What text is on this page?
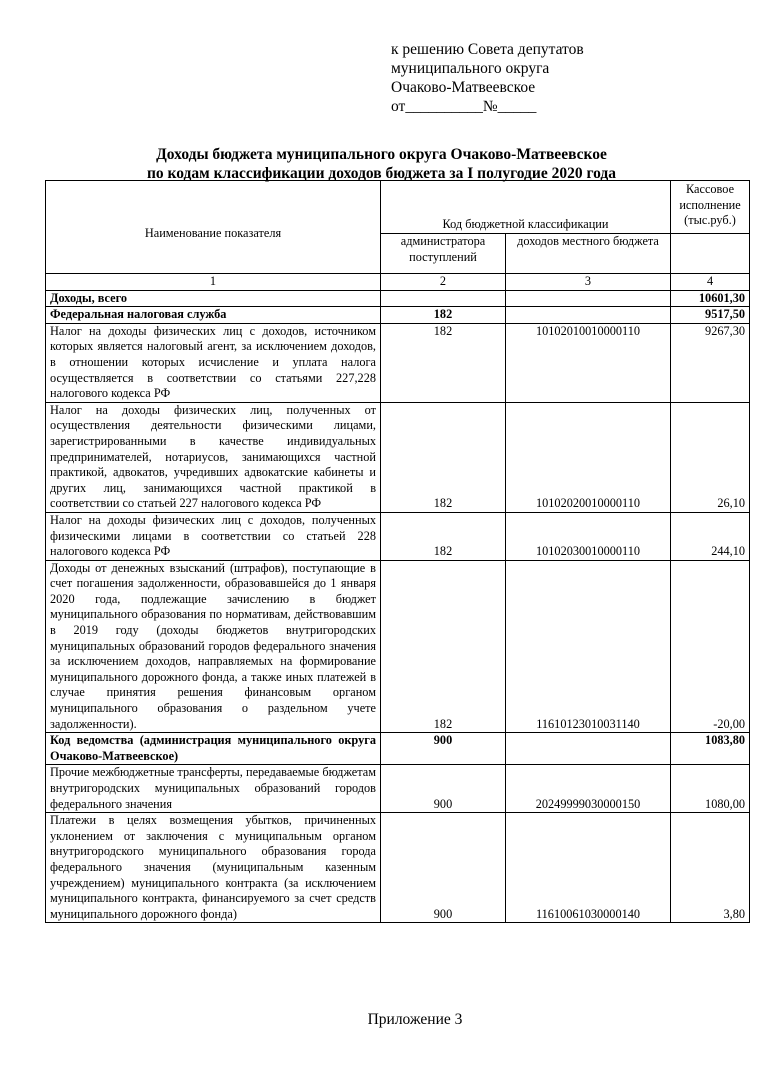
к решению Совета депутатов
муниципального округа
Очаково-Матвеевское
от__________№_____
Доходы бюджета муниципального округа Очаково-Матвеевское
по кодам классификации доходов бюджета за I полугодие 2020 года
Наименование показателя	Код бюджетной классификации		Кассовое исполнение (тыс.руб.)
	администратора поступлений	доходов местного бюджета	
1	2	3	4
Доходы, всего			10601,30
Федеральная налоговая служба	182		9517,50
Налог на доходы физических лиц с доходов, источником которых является налоговый агент, за исключением доходов, в отношении которых исчисление и уплата налога осуществляется в соответствии со статьями 227,228 налогового кодекса РФ	182	10102010010000110	9267,30
Налог на доходы физических лиц, полученных от осуществления деятельности физическими лицами, зарегистрированными в качестве индивидуальных предпринимателей, нотариусов, занимающихся частной практикой, адвокатов, учредивших адвокатские кабинеты и других лиц, занимающихся частной практикой в соответствии со статьей 227 налогового кодекса РФ	182	10102020010000110	26,10
Налог на доходы физических лиц с доходов, полученных физическими лицами в соответствии со статьей 228 налогового кодекса РФ	182	10102030010000110	244,10
Доходы от денежных взысканий (штрафов), поступающие в счет погашения задолженности, образовавшейся до 1 января 2020 года, подлежащие зачислению в бюджет муниципального образования по нормативам, действовавшим в 2019 году (доходы бюджетов внутригородских муниципальных образований городов федерального значения за исключением доходов, направляемых на формирование муниципального дорожного фонда, а также иных платежей в случае принятия решения финансовым органом муниципального образования о раздельном учете задолженности).	182	11610123010031140	-20,00
Код ведомства (администрация муниципального округа Очаково-Матвеевское)	900		1083,80
Прочие межбюджетные трансферты, передаваемые бюджетам внутригородских муниципальных образований городов федерального значения	900	20249999030000150	1080,00
Платежи в целях возмещения убытков, причиненных уклонением от заключения с муниципальным органом внутригородского муниципального образования города федерального значения (муниципальным казенным учреждением) муниципального контракта (за исключением муниципального контракта, финансируемого за счет средств муниципального дорожного фонда)	900	11610061030000140	3,80
Приложение 3
